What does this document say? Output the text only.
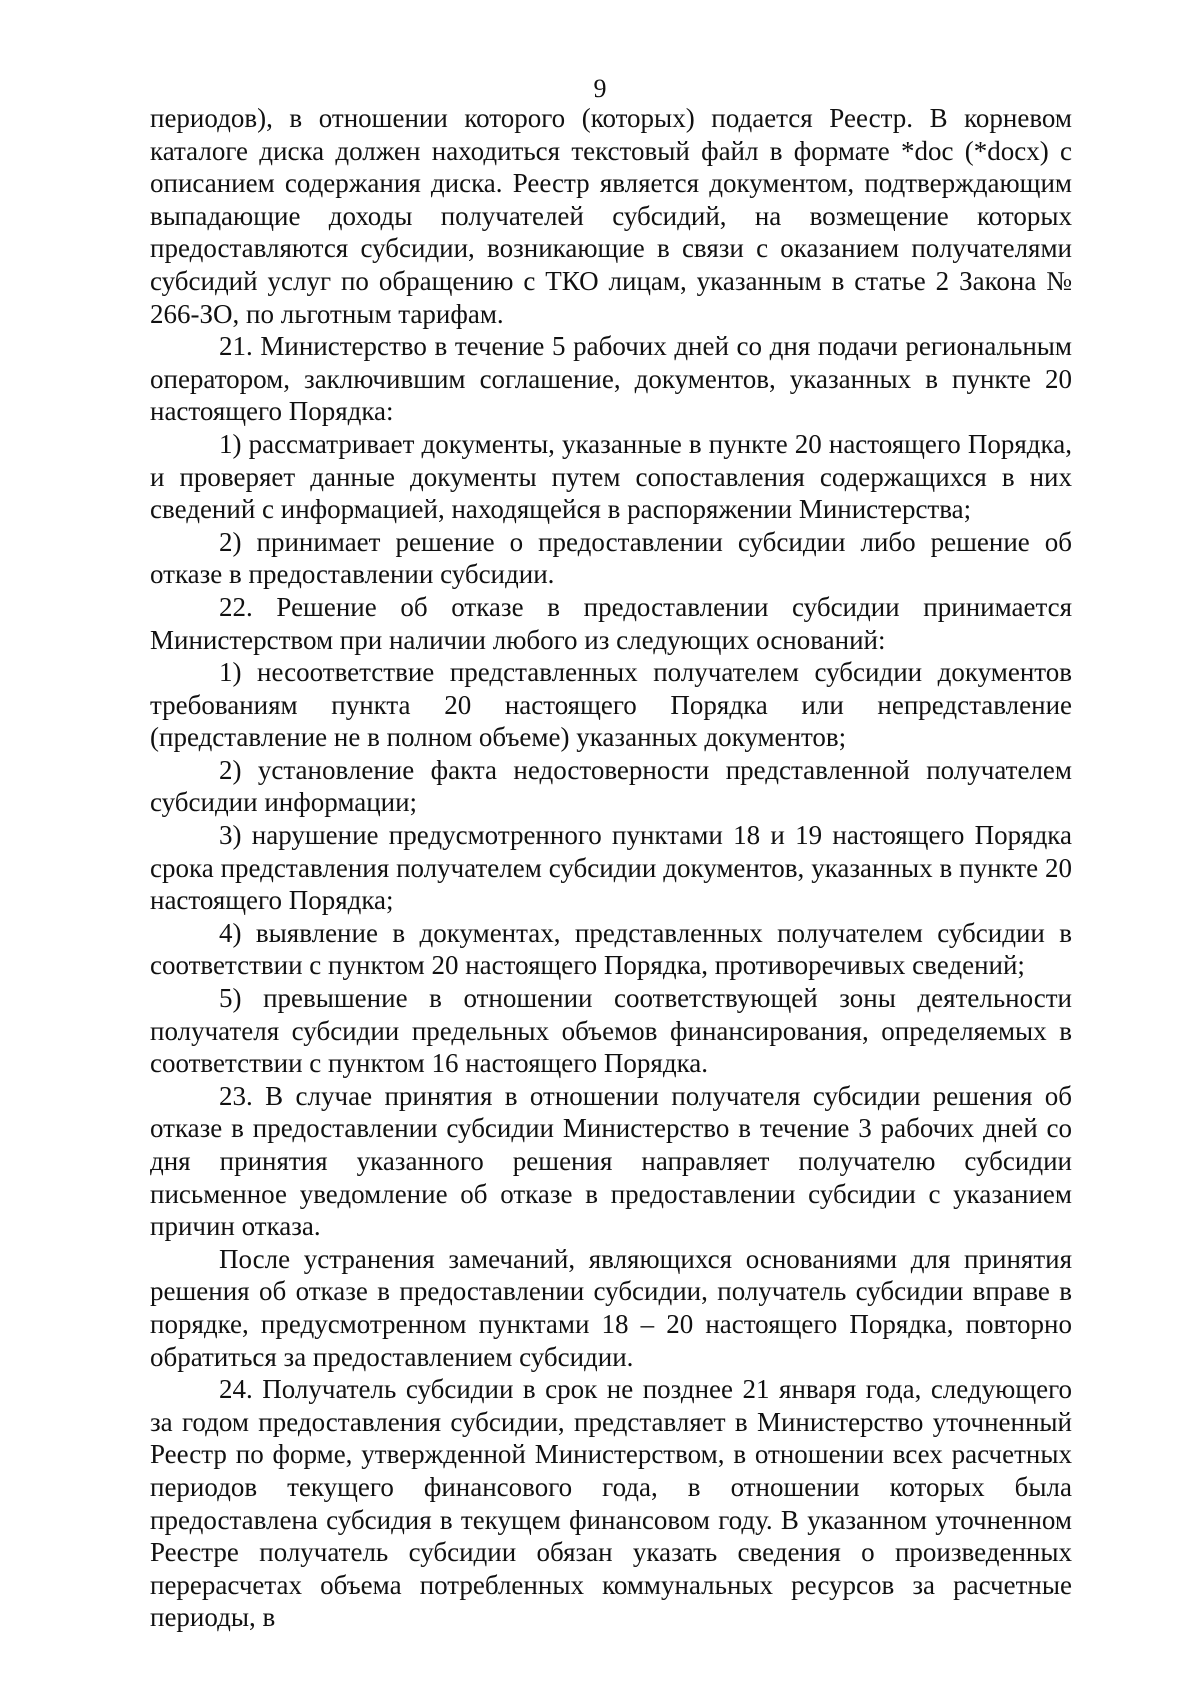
9

периодов), в отношении которого (которых) подается Реестр. В корневом каталоге диска должен находиться текстовый файл в формате *doc (*docx) с описанием содержания диска. Реестр является документом, подтверждающим выпадающие доходы получателей субсидий, на возмещение которых предоставляются субсидии, возникающие в связи с оказанием получателями субсидий услуг по обращению с ТКО лицам, указанным в статье 2 Закона № 266-ЗО, по льготным тарифам.

21. Министерство в течение 5 рабочих дней со дня подачи региональным оператором, заключившим соглашение, документов, указанных в пункте 20 настоящего Порядка:

1) рассматривает документы, указанные в пункте 20 настоящего Порядка, и проверяет данные документы путем сопоставления содержащихся в них сведений с информацией, находящейся в распоряжении Министерства;

2) принимает решение о предоставлении субсидии либо решение об отказе в предоставлении субсидии.

22. Решение об отказе в предоставлении субсидии принимается Министерством при наличии любого из следующих оснований:

1) несоответствие представленных получателем субсидии документов требованиям пункта 20 настоящего Порядка или непредставление (представление не в полном объеме) указанных документов;

2) установление факта недостоверности представленной получателем субсидии информации;

3) нарушение предусмотренного пунктами 18 и 19 настоящего Порядка срока представления получателем субсидии документов, указанных в пункте 20 настоящего Порядка;

4) выявление в документах, представленных получателем субсидии в соответствии с пунктом 20 настоящего Порядка, противоречивых сведений;

5) превышение в отношении соответствующей зоны деятельности получателя субсидии предельных объемов финансирования, определяемых в соответствии с пунктом 16 настоящего Порядка.

23. В случае принятия в отношении получателя субсидии решения об отказе в предоставлении субсидии Министерство в течение 3 рабочих дней со дня принятия указанного решения направляет получателю субсидии письменное уведомление об отказе в предоставлении субсидии с указанием причин отказа.

После устранения замечаний, являющихся основаниями для принятия решения об отказе в предоставлении субсидии, получатель субсидии вправе в порядке, предусмотренном пунктами 18 – 20 настоящего Порядка, повторно обратиться за предоставлением субсидии.

24. Получатель субсидии в срок не позднее 21 января года, следующего за годом предоставления субсидии, представляет в Министерство уточненный Реестр по форме, утвержденной Министерством, в отношении всех расчетных периодов текущего финансового года, в отношении которых была предоставлена субсидия в текущем финансовом году. В указанном уточненном Реестре получатель субсидии обязан указать сведения о произведенных перерасчетах объема потребленных коммунальных ресурсов за расчетные периоды, в
